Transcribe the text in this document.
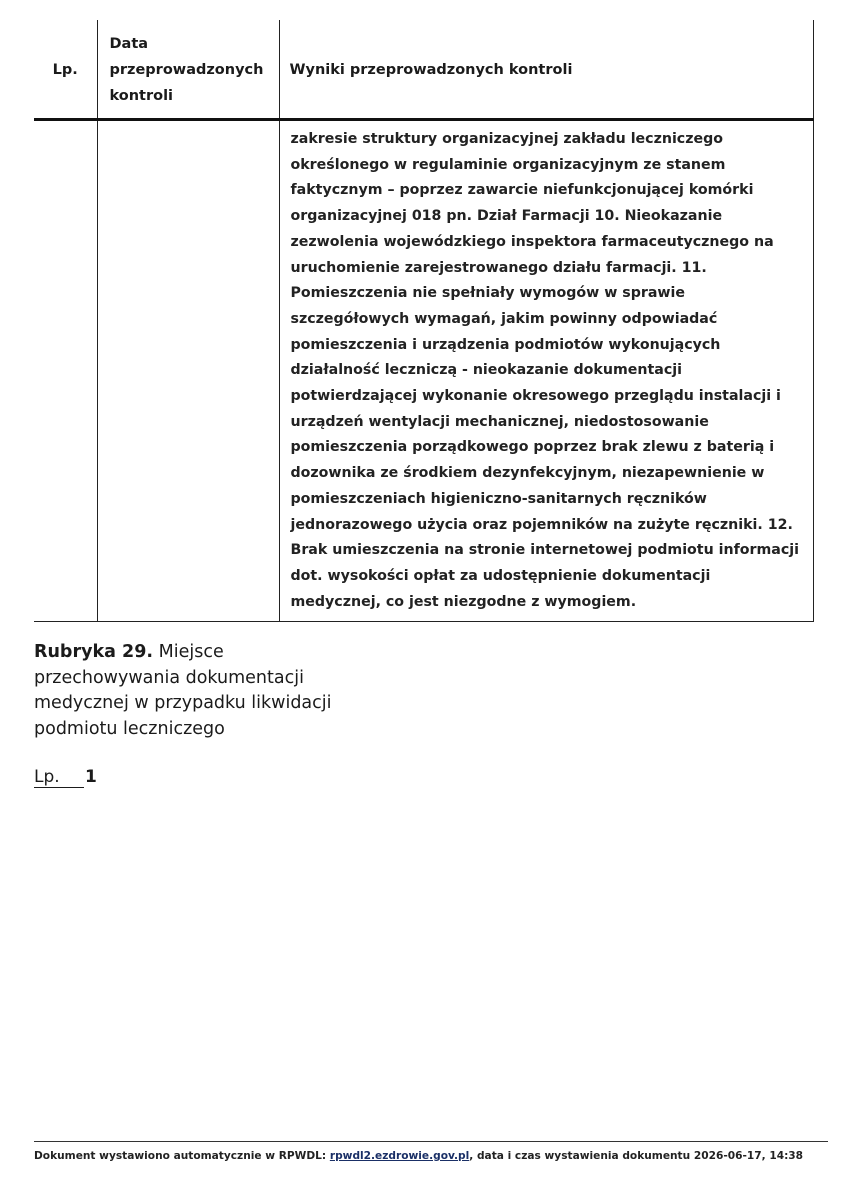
Lp.	Data przeprowadzonych kontroli	Wyniki przeprowadzonych kontroli

		zakresie struktury organizacyjnej zakładu leczniczego określonego w regulaminie organizacyjnym ze stanem faktycznym – poprzez zawarcie niefunkcjonującej komórki organizacyjnej 018 pn. Dział Farmacji 10. Nieokazanie zezwolenia wojewódzkiego inspektora farmaceutycznego na uruchomienie zarejestrowanego działu farmacji. 11. Pomieszczenia nie spełniały wymogów w sprawie szczegółowych wymagań, jakim powinny odpowiadać pomieszczenia i urządzenia podmiotów wykonujących działalność leczniczą - nieokazanie dokumentacji potwierdzającej wykonanie okresowego przeglądu instalacji i urządzeń wentylacji mechanicznej, niedostosowanie pomieszczenia porządkowego poprzez brak zlewu z baterią i dozownika ze środkiem dezynfekcyjnym, niezapewnienie w pomieszczeniach higieniczno-sanitarnych ręczników jednorazowego użycia oraz pojemników na zużyte ręczniki. 12. Brak umieszczenia na stronie internetowej podmiotu informacji dot. wysokości opłat za udostępnienie dokumentacji medycznej, co jest niezgodne z wymogiem.
Rubryka 29. Miejsce przechowywania dokumentacji medycznej w przypadku likwidacji podmiotu leczniczego
Lp. 1
Dokument wystawiono automatycznie w RPWDL: rpwdl2.ezdrowie.gov.pl, data i czas wystawienia dokumentu 2026-06-17, 14:38
